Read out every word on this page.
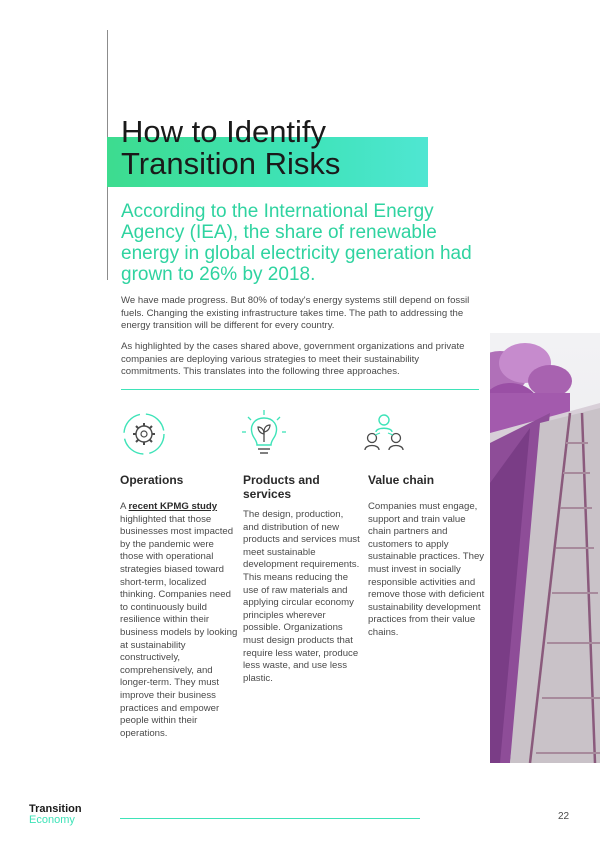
How to Identify
Transition Risks

According to the International Energy Agency (IEA), the share of renewable energy in global electricity generation had grown to 26% by 2018.

We have made progress. But 80% of today's energy systems still depend on fossil fuels. Changing the existing infrastructure takes time. The path to addressing the energy transition will be different for every country.

As highlighted by the cases shared above, government organizations and private companies are deploying various strategies to meet their sustainability commitments. This translates into the following three approaches.

Operations

A recent KPMG study highlighted that those businesses most impacted by the pandemic were those with operational strategies biased toward short-term, localized thinking. Companies need to continuously build resilience within their business models by looking at sustainability constructively, comprehensively, and longer-term. They must improve their business practices and empower people within their operations.

Products and services

The design, production, and distribution of new products and services must meet sustainable development requirements. This means reducing the use of raw materials and applying circular economy principles wherever possible. Organizations must design products that require less water, produce less waste, and use less plastic.

Value chain

Companies must engage, support and train value chain partners and customers to apply sustainable practices. They must invest in socially responsible activities and remove those with deficient sustainability development practices from their value chains.

Transition
Economy	22
